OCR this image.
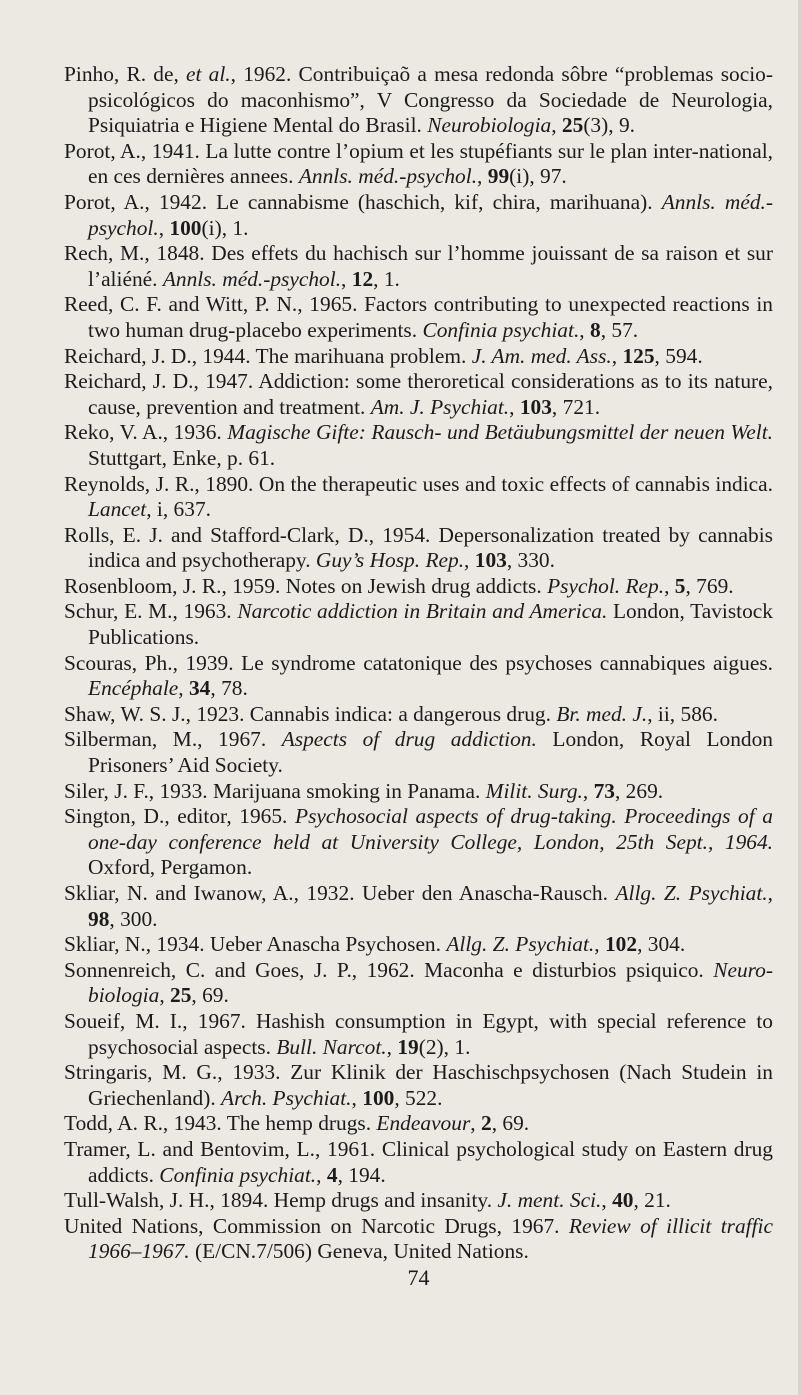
Pinho, R. de, et al., 1962. Contribuiçaõ a mesa redonda sôbre “problemas socio-psicológicos do maconhismo”, V Congresso da Sociedade de Neurologia, Psiquiatria e Higiene Mental do Brasil. Neurobiologia, 25(3), 9.
Porot, A., 1941. La lutte contre l’opium et les stupéfiants sur le plan inter-national, en ces dernières annees. Annls. méd.-psychol., 99(i), 97.
Porot, A., 1942. Le cannabisme (haschich, kif, chira, marihuana). Annls. méd.-psychol., 100(i), 1.
Rech, M., 1848. Des effets du hachisch sur l’homme jouissant de sa raison et sur l’aliéné. Annls. méd.-psychol., 12, 1.
Reed, C. F. and Witt, P. N., 1965. Factors contributing to unexpected reactions in two human drug-placebo experiments. Confinia psychiat., 8, 57.
Reichard, J. D., 1944. The marihuana problem. J. Am. med. Ass., 125, 594.
Reichard, J. D., 1947. Addiction: some theroretical considerations as to its nature, cause, prevention and treatment. Am. J. Psychiat., 103, 721.
Reko, V. A., 1936. Magische Gifte: Rausch- und Betäubungsmittel der neuen Welt. Stuttgart, Enke, p. 61.
Reynolds, J. R., 1890. On the therapeutic uses and toxic effects of cannabis indica. Lancet, i, 637.
Rolls, E. J. and Stafford-Clark, D., 1954. Depersonalization treated by cannabis indica and psychotherapy. Guy’s Hosp. Rep., 103, 330.
Rosenbloom, J. R., 1959. Notes on Jewish drug addicts. Psychol. Rep., 5, 769.
Schur, E. M., 1963. Narcotic addiction in Britain and America. London, Tavistock Publications.
Scouras, Ph., 1939. Le syndrome catatonique des psychoses cannabiques aigues. Encéphale, 34, 78.
Shaw, W. S. J., 1923. Cannabis indica: a dangerous drug. Br. med. J., ii, 586.
Silberman, M., 1967. Aspects of drug addiction. London, Royal London Prisoners’ Aid Society.
Siler, J. F., 1933. Marijuana smoking in Panama. Milit. Surg., 73, 269.
Sington, D., editor, 1965. Psychosocial aspects of drug-taking. Proceedings of a one-day conference held at University College, London, 25th Sept., 1964. Oxford, Pergamon.
Skliar, N. and Iwanow, A., 1932. Ueber den Anascha-Rausch. Allg. Z. Psychiat., 98, 300.
Skliar, N., 1934. Ueber Anascha Psychosen. Allg. Z. Psychiat., 102, 304.
Sonnenreich, C. and Goes, J. P., 1962. Maconha e disturbios psiquico. Neuro-biologia, 25, 69.
Soueif, M. I., 1967. Hashish consumption in Egypt, with special reference to psychosocial aspects. Bull. Narcot., 19(2), 1.
Stringaris, M. G., 1933. Zur Klinik der Haschischpsychosen (Nach Studein in Griechenland). Arch. Psychiat., 100, 522.
Todd, A. R., 1943. The hemp drugs. Endeavour, 2, 69.
Tramer, L. and Bentovim, L., 1961. Clinical psychological study on Eastern drug addicts. Confinia psychiat., 4, 194.
Tull-Walsh, J. H., 1894. Hemp drugs and insanity. J. ment. Sci., 40, 21.
United Nations, Commission on Narcotic Drugs, 1967. Review of illicit traffic 1966–1967. (E/CN.7/506) Geneva, United Nations.
74
